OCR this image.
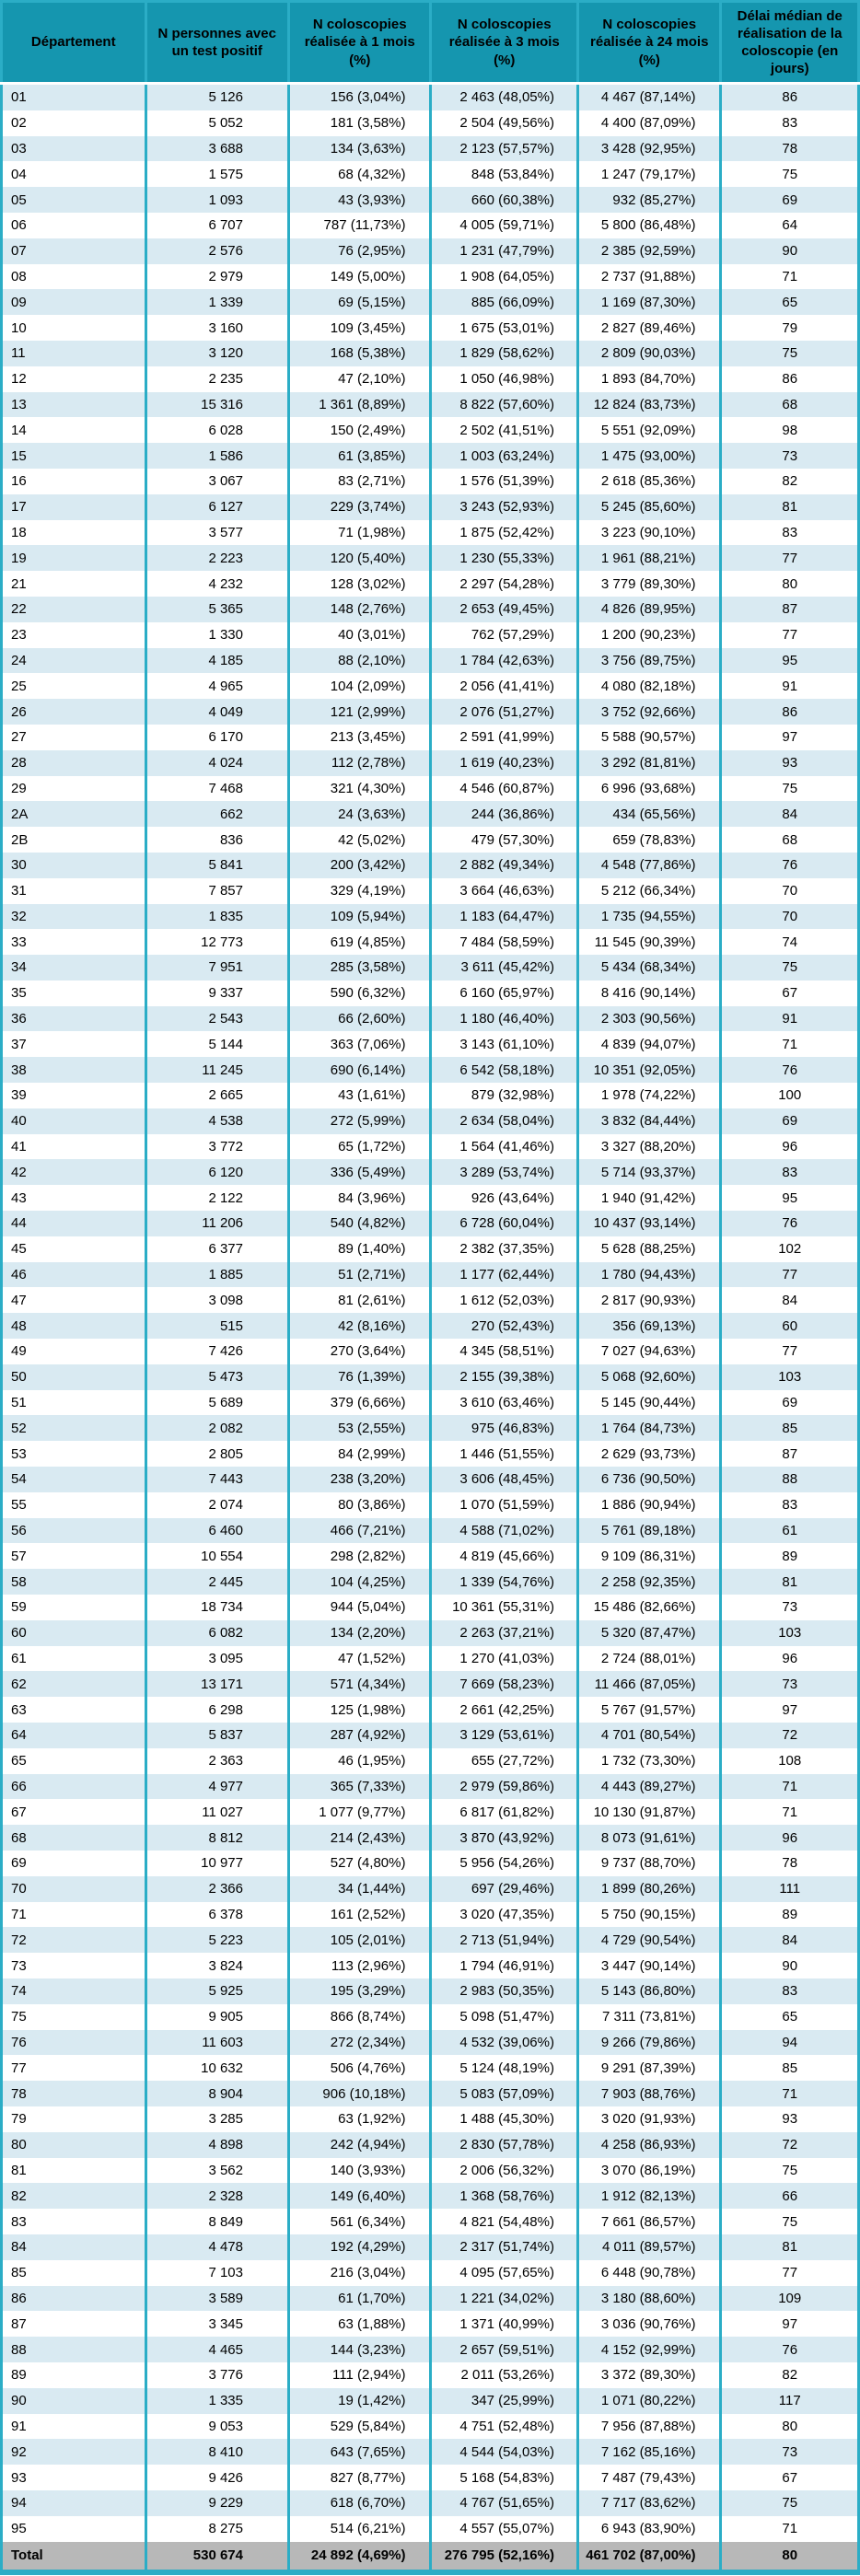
Département	N personnes avec un test positif	N coloscopies réalisée à 1 mois (%)	N coloscopies réalisée à 3 mois (%)	N coloscopies réalisée à 24 mois (%)	Délai médian de réalisation de la coloscopie (en jours)
01	5 126	156 (3,04%)	2 463 (48,05%)	4 467 (87,14%)	86
02	5 052	181 (3,58%)	2 504 (49,56%)	4 400 (87,09%)	83
03	3 688	134 (3,63%)	2 123 (57,57%)	3 428 (92,95%)	78
04	1 575	68 (4,32%)	848 (53,84%)	1 247 (79,17%)	75
05	1 093	43 (3,93%)	660 (60,38%)	932 (85,27%)	69
06	6 707	787 (11,73%)	4 005 (59,71%)	5 800 (86,48%)	64
07	2 576	76 (2,95%)	1 231 (47,79%)	2 385 (92,59%)	90
08	2 979	149 (5,00%)	1 908 (64,05%)	2 737 (91,88%)	71
09	1 339	69 (5,15%)	885 (66,09%)	1 169 (87,30%)	65
10	3 160	109 (3,45%)	1 675 (53,01%)	2 827 (89,46%)	79
11	3 120	168 (5,38%)	1 829 (58,62%)	2 809 (90,03%)	75
12	2 235	47 (2,10%)	1 050 (46,98%)	1 893 (84,70%)	86
13	15 316	1 361 (8,89%)	8 822 (57,60%)	12 824 (83,73%)	68
14	6 028	150 (2,49%)	2 502 (41,51%)	5 551 (92,09%)	98
15	1 586	61 (3,85%)	1 003 (63,24%)	1 475 (93,00%)	73
16	3 067	83 (2,71%)	1 576 (51,39%)	2 618 (85,36%)	82
17	6 127	229 (3,74%)	3 243 (52,93%)	5 245 (85,60%)	81
18	3 577	71 (1,98%)	1 875 (52,42%)	3 223 (90,10%)	83
19	2 223	120 (5,40%)	1 230 (55,33%)	1 961 (88,21%)	77
21	4 232	128 (3,02%)	2 297 (54,28%)	3 779 (89,30%)	80
22	5 365	148 (2,76%)	2 653 (49,45%)	4 826 (89,95%)	87
23	1 330	40 (3,01%)	762 (57,29%)	1 200 (90,23%)	77
24	4 185	88 (2,10%)	1 784 (42,63%)	3 756 (89,75%)	95
25	4 965	104 (2,09%)	2 056 (41,41%)	4 080 (82,18%)	91
26	4 049	121 (2,99%)	2 076 (51,27%)	3 752 (92,66%)	86
27	6 170	213 (3,45%)	2 591 (41,99%)	5 588 (90,57%)	97
28	4 024	112 (2,78%)	1 619 (40,23%)	3 292 (81,81%)	93
29	7 468	321 (4,30%)	4 546 (60,87%)	6 996 (93,68%)	75
2A	662	24 (3,63%)	244 (36,86%)	434 (65,56%)	84
2B	836	42 (5,02%)	479 (57,30%)	659 (78,83%)	68
30	5 841	200 (3,42%)	2 882 (49,34%)	4 548 (77,86%)	76
31	7 857	329 (4,19%)	3 664 (46,63%)	5 212 (66,34%)	70
32	1 835	109 (5,94%)	1 183 (64,47%)	1 735 (94,55%)	70
33	12 773	619 (4,85%)	7 484 (58,59%)	11 545 (90,39%)	74
34	7 951	285 (3,58%)	3 611 (45,42%)	5 434 (68,34%)	75
35	9 337	590 (6,32%)	6 160 (65,97%)	8 416 (90,14%)	67
36	2 543	66 (2,60%)	1 180 (46,40%)	2 303 (90,56%)	91
37	5 144	363 (7,06%)	3 143 (61,10%)	4 839 (94,07%)	71
38	11 245	690 (6,14%)	6 542 (58,18%)	10 351 (92,05%)	76
39	2 665	43 (1,61%)	879 (32,98%)	1 978 (74,22%)	100
40	4 538	272 (5,99%)	2 634 (58,04%)	3 832 (84,44%)	69
41	3 772	65 (1,72%)	1 564 (41,46%)	3 327 (88,20%)	96
42	6 120	336 (5,49%)	3 289 (53,74%)	5 714 (93,37%)	83
43	2 122	84 (3,96%)	926 (43,64%)	1 940 (91,42%)	95
44	11 206	540 (4,82%)	6 728 (60,04%)	10 437 (93,14%)	76
45	6 377	89 (1,40%)	2 382 (37,35%)	5 628 (88,25%)	102
46	1 885	51 (2,71%)	1 177 (62,44%)	1 780 (94,43%)	77
47	3 098	81 (2,61%)	1 612 (52,03%)	2 817 (90,93%)	84
48	515	42 (8,16%)	270 (52,43%)	356 (69,13%)	60
49	7 426	270 (3,64%)	4 345 (58,51%)	7 027 (94,63%)	77
50	5 473	76 (1,39%)	2 155 (39,38%)	5 068 (92,60%)	103
51	5 689	379 (6,66%)	3 610 (63,46%)	5 145 (90,44%)	69
52	2 082	53 (2,55%)	975 (46,83%)	1 764 (84,73%)	85
53	2 805	84 (2,99%)	1 446 (51,55%)	2 629 (93,73%)	87
54	7 443	238 (3,20%)	3 606 (48,45%)	6 736 (90,50%)	88
55	2 074	80 (3,86%)	1 070 (51,59%)	1 886 (90,94%)	83
56	6 460	466 (7,21%)	4 588 (71,02%)	5 761 (89,18%)	61
57	10 554	298 (2,82%)	4 819 (45,66%)	9 109 (86,31%)	89
58	2 445	104 (4,25%)	1 339 (54,76%)	2 258 (92,35%)	81
59	18 734	944 (5,04%)	10 361 (55,31%)	15 486 (82,66%)	73
60	6 082	134 (2,20%)	2 263 (37,21%)	5 320 (87,47%)	103
61	3 095	47 (1,52%)	1 270 (41,03%)	2 724 (88,01%)	96
62	13 171	571 (4,34%)	7 669 (58,23%)	11 466 (87,05%)	73
63	6 298	125 (1,98%)	2 661 (42,25%)	5 767 (91,57%)	97
64	5 837	287 (4,92%)	3 129 (53,61%)	4 701 (80,54%)	72
65	2 363	46 (1,95%)	655 (27,72%)	1 732 (73,30%)	108
66	4 977	365 (7,33%)	2 979 (59,86%)	4 443 (89,27%)	71
67	11 027	1 077 (9,77%)	6 817 (61,82%)	10 130 (91,87%)	71
68	8 812	214 (2,43%)	3 870 (43,92%)	8 073 (91,61%)	96
69	10 977	527 (4,80%)	5 956 (54,26%)	9 737 (88,70%)	78
70	2 366	34 (1,44%)	697 (29,46%)	1 899 (80,26%)	111
71	6 378	161 (2,52%)	3 020 (47,35%)	5 750 (90,15%)	89
72	5 223	105 (2,01%)	2 713 (51,94%)	4 729 (90,54%)	84
73	3 824	113 (2,96%)	1 794 (46,91%)	3 447 (90,14%)	90
74	5 925	195 (3,29%)	2 983 (50,35%)	5 143 (86,80%)	83
75	9 905	866 (8,74%)	5 098 (51,47%)	7 311 (73,81%)	65
76	11 603	272 (2,34%)	4 532 (39,06%)	9 266 (79,86%)	94
77	10 632	506 (4,76%)	5 124 (48,19%)	9 291 (87,39%)	85
78	8 904	906 (10,18%)	5 083 (57,09%)	7 903 (88,76%)	71
79	3 285	63 (1,92%)	1 488 (45,30%)	3 020 (91,93%)	93
80	4 898	242 (4,94%)	2 830 (57,78%)	4 258 (86,93%)	72
81	3 562	140 (3,93%)	2 006 (56,32%)	3 070 (86,19%)	75
82	2 328	149 (6,40%)	1 368 (58,76%)	1 912 (82,13%)	66
83	8 849	561 (6,34%)	4 821 (54,48%)	7 661 (86,57%)	75
84	4 478	192 (4,29%)	2 317 (51,74%)	4 011 (89,57%)	81
85	7 103	216 (3,04%)	4 095 (57,65%)	6 448 (90,78%)	77
86	3 589	61 (1,70%)	1 221 (34,02%)	3 180 (88,60%)	109
87	3 345	63 (1,88%)	1 371 (40,99%)	3 036 (90,76%)	97
88	4 465	144 (3,23%)	2 657 (59,51%)	4 152 (92,99%)	76
89	3 776	111 (2,94%)	2 011 (53,26%)	3 372 (89,30%)	82
90	1 335	19 (1,42%)	347 (25,99%)	1 071 (80,22%)	117
91	9 053	529 (5,84%)	4 751 (52,48%)	7 956 (87,88%)	80
92	8 410	643 (7,65%)	4 544 (54,03%)	7 162 (85,16%)	73
93	9 426	827 (8,77%)	5 168 (54,83%)	7 487 (79,43%)	67
94	9 229	618 (6,70%)	4 767 (51,65%)	7 717 (83,62%)	75
95	8 275	514 (6,21%)	4 557 (55,07%)	6 943 (83,90%)	71
Total	530 674	24 892 (4,69%)	276 795 (52,16%)	461 702 (87,00%)	80
